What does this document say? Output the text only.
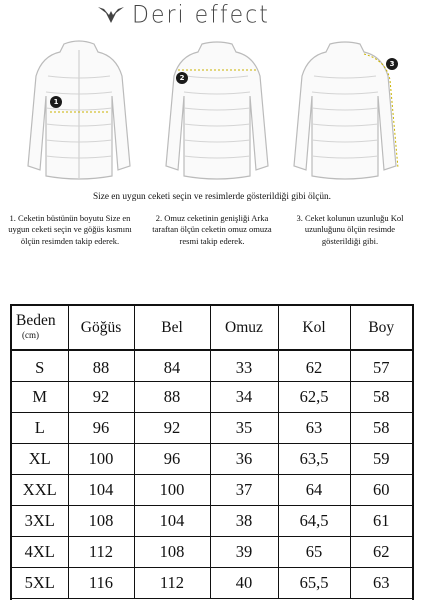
Deri effect
1
2
3

Size en uygun ceketi seçin ve resimlerde gösterildiği gibi ölçün.

1. Ceketin büstünün boyutu Size en uygun ceketi seçin ve göğüs kısmını ölçün resimden takip ederek.

2. Omuz ceketinin genişliği Arka taraftan ölçün ceketin omuz omuza resmi takip ederek.

3. Ceket kolunun uzunluğu Kol uzunluğunu ölçün resimde gösterildiği gibi.

Beden
(cm)	Göğüs	Bel	Omuz	Kol	Boy
S	88	84	33	62	57
M	92	88	34	62,5	58
L	96	92	35	63	58
XL	100	96	36	63,5	59
XXL	104	100	37	64	60
3XL	108	104	38	64,5	61
4XL	112	108	39	65	62
5XL	116	112	40	65,5	63
